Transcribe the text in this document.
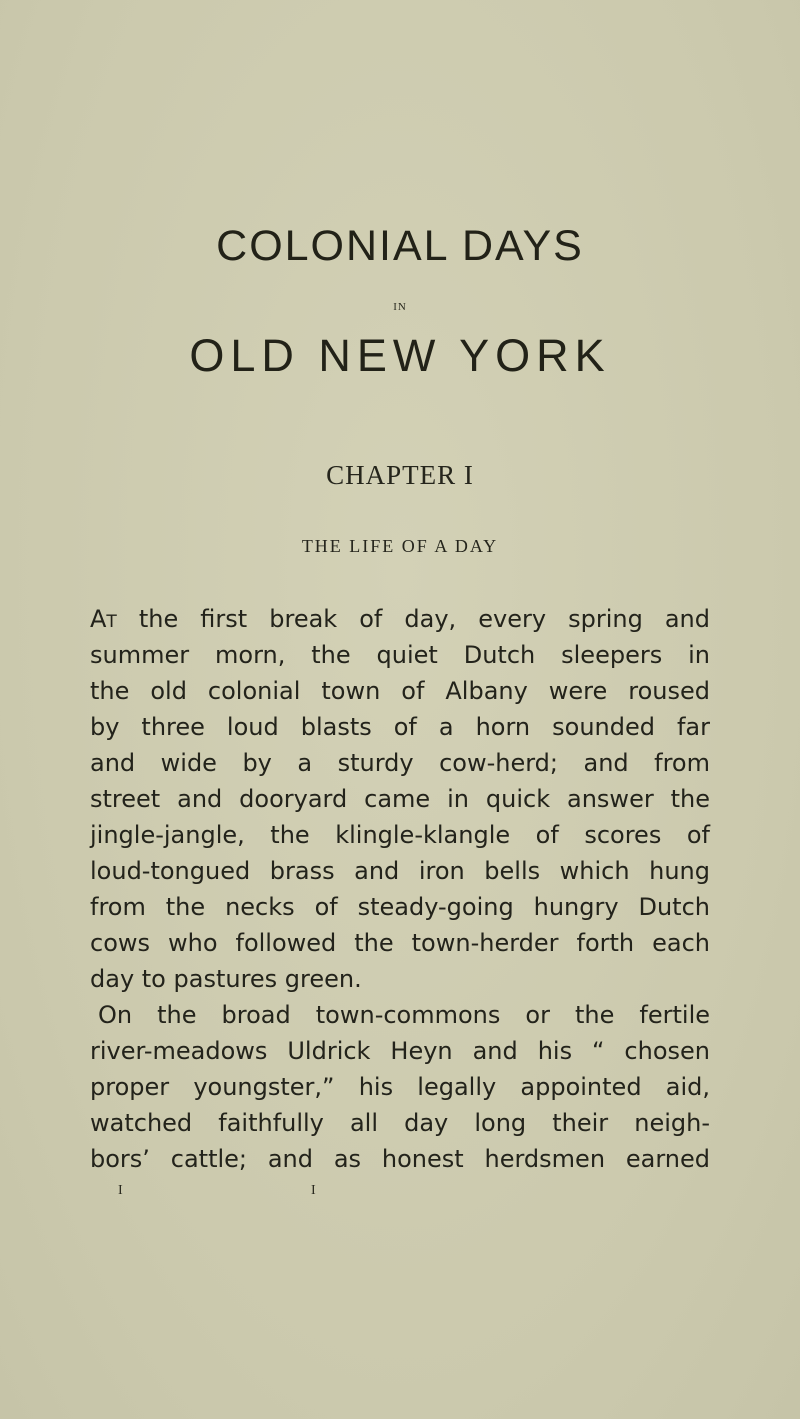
COLONIAL DAYS
IN
OLD NEW YORK
CHAPTER I
THE LIFE OF A DAY
At the first break of day, every spring and
summer morn, the quiet Dutch sleepers in
the old colonial town of Albany were roused
by three loud blasts of a horn sounded far
and wide by a sturdy cow-herd; and from
street and dooryard came in quick answer the
jingle-jangle, the klingle-klangle of scores of
loud-tongued brass and iron bells which hung
from the necks of steady-going hungry Dutch
cows who followed the town-herder forth each
day to pastures green.
On the broad town-commons or the fertile
river-meadows Uldrick Heyn and his “ chosen
proper youngster,” his legally appointed aid,
watched faithfully all day long their neigh-
bors’ cattle; and as honest herdsmen earned
I	I
